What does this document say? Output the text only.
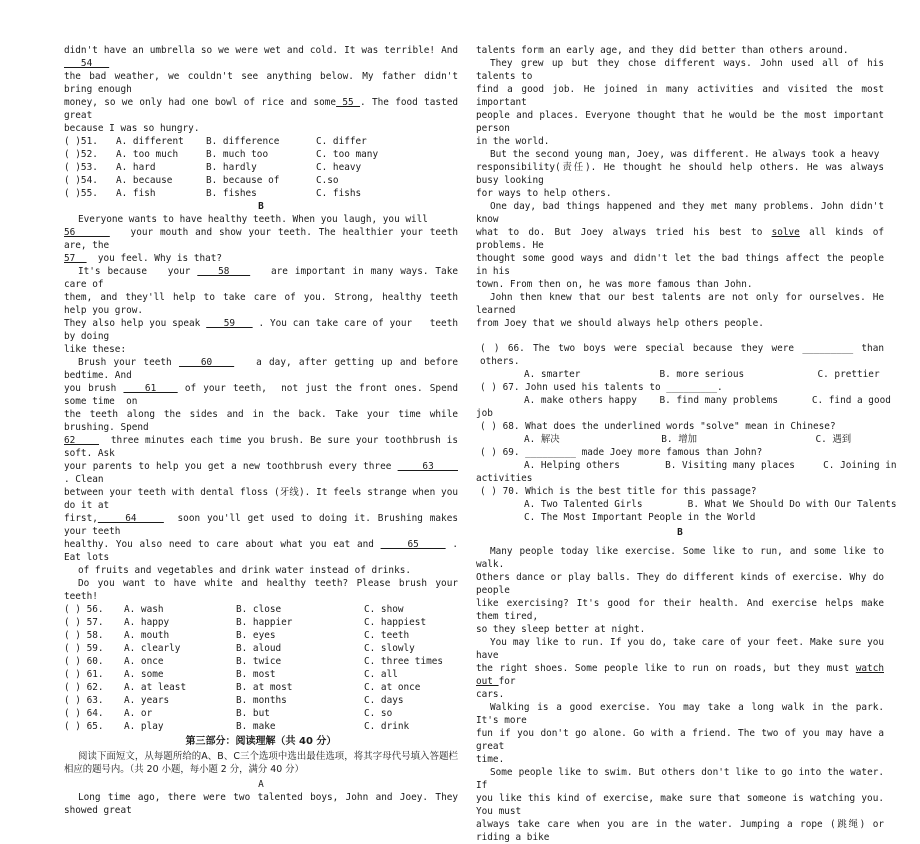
didn't have an umbrella so we were wet and cold. It was terrible! And    54

the bad weather, we couldn't see anything below. My father didn't bring enough

money, so we only had one bowl of rice and some 55 . The food tasted great

because I was so hungry.

( )51.	A. different	B. difference	C. differ
( )52.	A. too much	B. much too	C. too many
( )53.	A. hard	B. hardly	C. heavy
( )54.	A. because	B. because of	C.so
( )55.	A. fish	B. fishes	C. fishs
B

Everyone wants to have healthy teeth. When you laugh, you will

56        your mouth and show your teeth. The healthier your teeth are, the

57    you feel. Why is that?

It's because   your    58      are important in many ways. Take care of

them, and they'll help to take care of you. Strong, healthy teeth help you grow.

They also help you speak    59    . You can take care of your   teeth by doing

like these:

Brush your teeth    60      a day, after getting up and before bedtime. And

you brush    61    of your teeth,  not just the front ones. Spend some time  on

the teeth along the sides and in the back. Take your time while brushing. Spend

62      three minutes each time you brush. Be sure your toothbrush is soft. Ask

your parents to help you get a new toothbrush every three     63     . Clean

between your teeth with dental floss (牙线). It feels strange when you do it at

first,    64      soon you'll get used to doing it. Brushing makes your teeth

healthy. You also need to care about what you eat and     65     . Eat lots

of fruits and vegetables and drink water instead of drinks.

Do you want to have white and healthy teeth? Please brush your teeth!

( ) 56.	A. wash	B. close	C. show
( ) 57.	A. happy	B. happier	C. happiest
( ) 58.	A. mouth	B. eyes	C. teeth
( ) 59.	A. clearly	B. aloud	C. slowly
( ) 60.	A. once	B. twice	C. three times
( ) 61.	A. some	B. most	C. all
( ) 62.	A. at least	B. at most	C. at once
( ) 63.	A. years	B. months	C. days
( ) 64.	A. or	B. but	C. so
( ) 65.	A. play	B. make	C. drink
第三部分：阅读理解（共 40 分）

阅读下面短文，从每题所给的A、B、C三个选项中选出最佳选项，将其字母代号填入答题栏相应的题号内。（共 20 小题，每小题 2 分，满分 40 分）

A

Long time ago, there were two talented boys, John and Joey. They showed great

talents form an early age, and they did better than others around.

They grew up but they chose different ways. John used all of his talents to

find a good job. He joined in many activities and visited the most important

people and places. Everyone thought that he would be the most important person

in the world.

But the second young man, Joey, was different. He always took a heavy

responsibility(责任). He thought he should help others. He was always busy looking

for ways to help others.

One day, bad things happened and they met many problems. John didn't know

what to do. But Joey always tried his best to solve all kinds of problems. He

thought some good ways and didn't let the bad things affect the people in his

town. From then on, he was more famous than John.

John then knew that our best talents are not only for ourselves. He learned

from Joey that we should always help others people.

( ) 66. The two boys were special because they were _________ than others.

A. smarter              B. more serious             C. prettier

( ) 67. John used his talents to _________.

A. make others happy    B. find many problems      C. find a good

job

( ) 68. What does the underlined words "solve" mean in Chinese?

A. 解决                  B. 增加                     C. 遇到

( ) 69. _________ made Joey more famous than John?

A. Helping others        B. Visiting many places     C. Joining in

activities

( ) 70. Which is the best title for this passage?

A. Two Talented Girls        B. What We Should Do with Our Talents

C. The Most Important People in the World

B

Many people today like exercise. Some like to run, and some like to walk.

Others dance or play balls. They do different kinds of exercise. Why do people

like exercising? It's good for their health. And exercise helps make them tired,

so they sleep better at night.

You may like to run. If you do, take care of your feet. Make sure you have

the right shoes. Some people like to run on roads, but they must watch out for

cars.

Walking is a good exercise. You may take a long walk in the park. It's more

fun if you don't go alone. Go with a friend. The two of you may have a great

time.

Some people like to swim. But others don't like to go into the water. If

you like this kind of exercise, make sure that someone is watching you. You must

always take care when you are in the water. Jumping a rope (跳绳) or riding a bike
